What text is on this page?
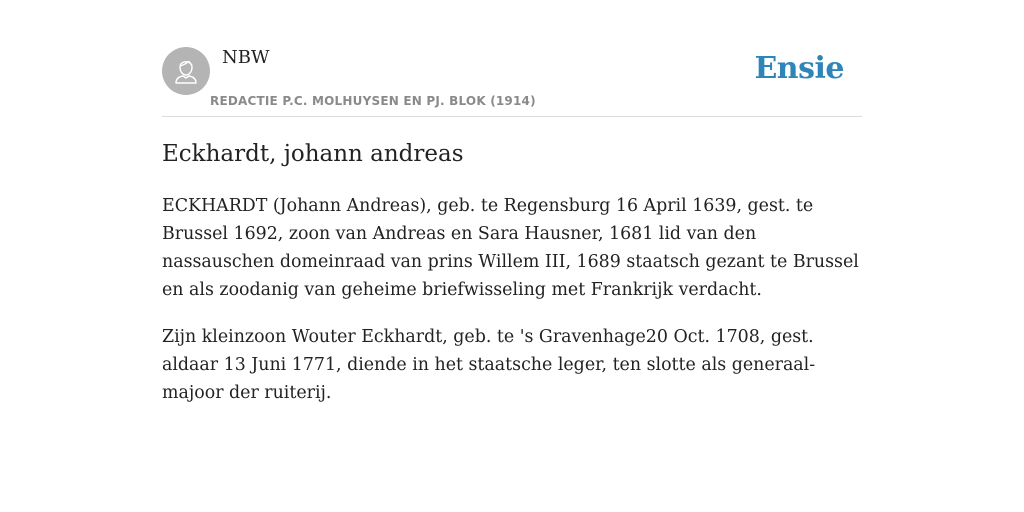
NBW
REDACTIE P.C. MOLHUYSEN EN PJ. BLOK (1914)
Ensie
Eckhardt, johann andreas

ECKHARDT (Johann Andreas), geb. te Regensburg 16 April 1639, gest. te Brussel 1692, zoon van Andreas en Sara Hausner, 1681 lid van den nassauschen domeinraad van prins Willem III, 1689 staatsch gezant te Brussel en als zoodanig van geheime briefwisseling met Frankrijk verdacht.

Zijn kleinzoon Wouter Eckhardt, geb. te 's Gravenhage20 Oct. 1708, gest. aldaar 13 Juni 1771, diende in het staatsche leger, ten slotte als generaal-majoor der ruiterij.
